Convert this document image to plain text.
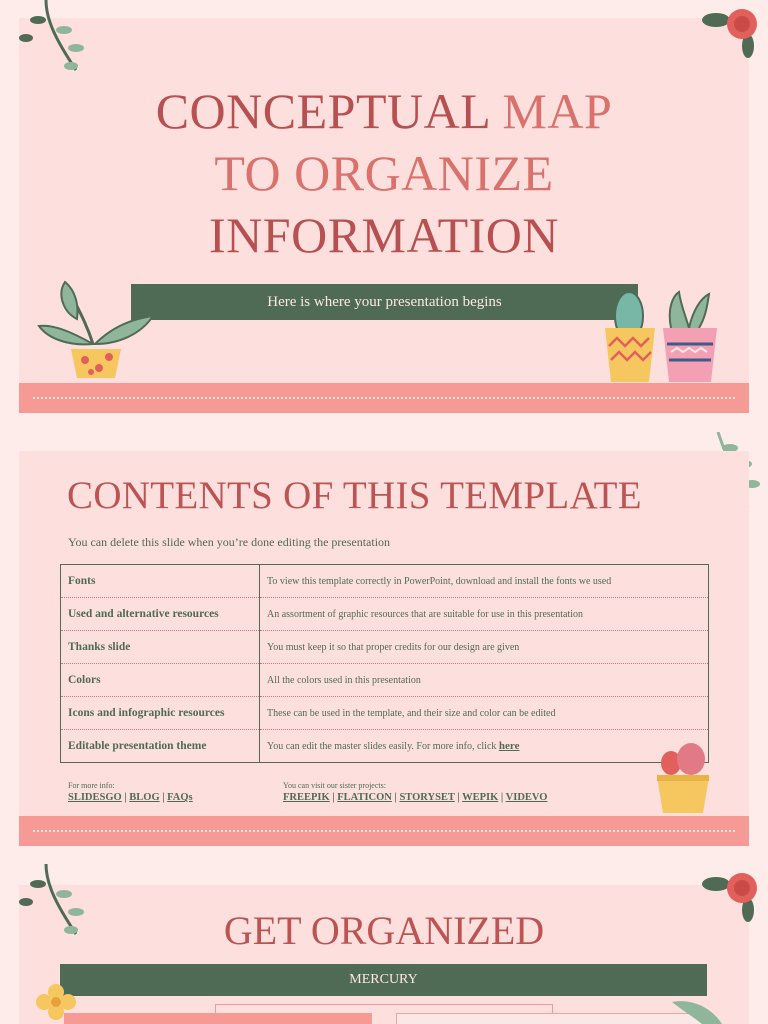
CONCEPTUAL MAP
TO ORGANIZE
INFORMATION
Here is where your presentation begins
CONTENTS OF THIS TEMPLATE
You can delete this slide when you’re done editing the presentation
Fonts	To view this template correctly in PowerPoint, download and install the fonts we used
Used and alternative resources	An assortment of graphic resources that are suitable for use in this presentation
Thanks slide	You must keep it so that proper credits for our design are given
Colors	All the colors used in this presentation
Icons and infographic resources	These can be used in the template, and their size and color can be edited
Editable presentation theme	You can edit the master slides easily. For more info, click here
For more info:
SLIDESGO | BLOG | FAQs
You can visit our sister projects:
FREEPIK | FLATICON | STORYSET | WEPIK | VIDEVO
GET ORGANIZED
MERCURY
